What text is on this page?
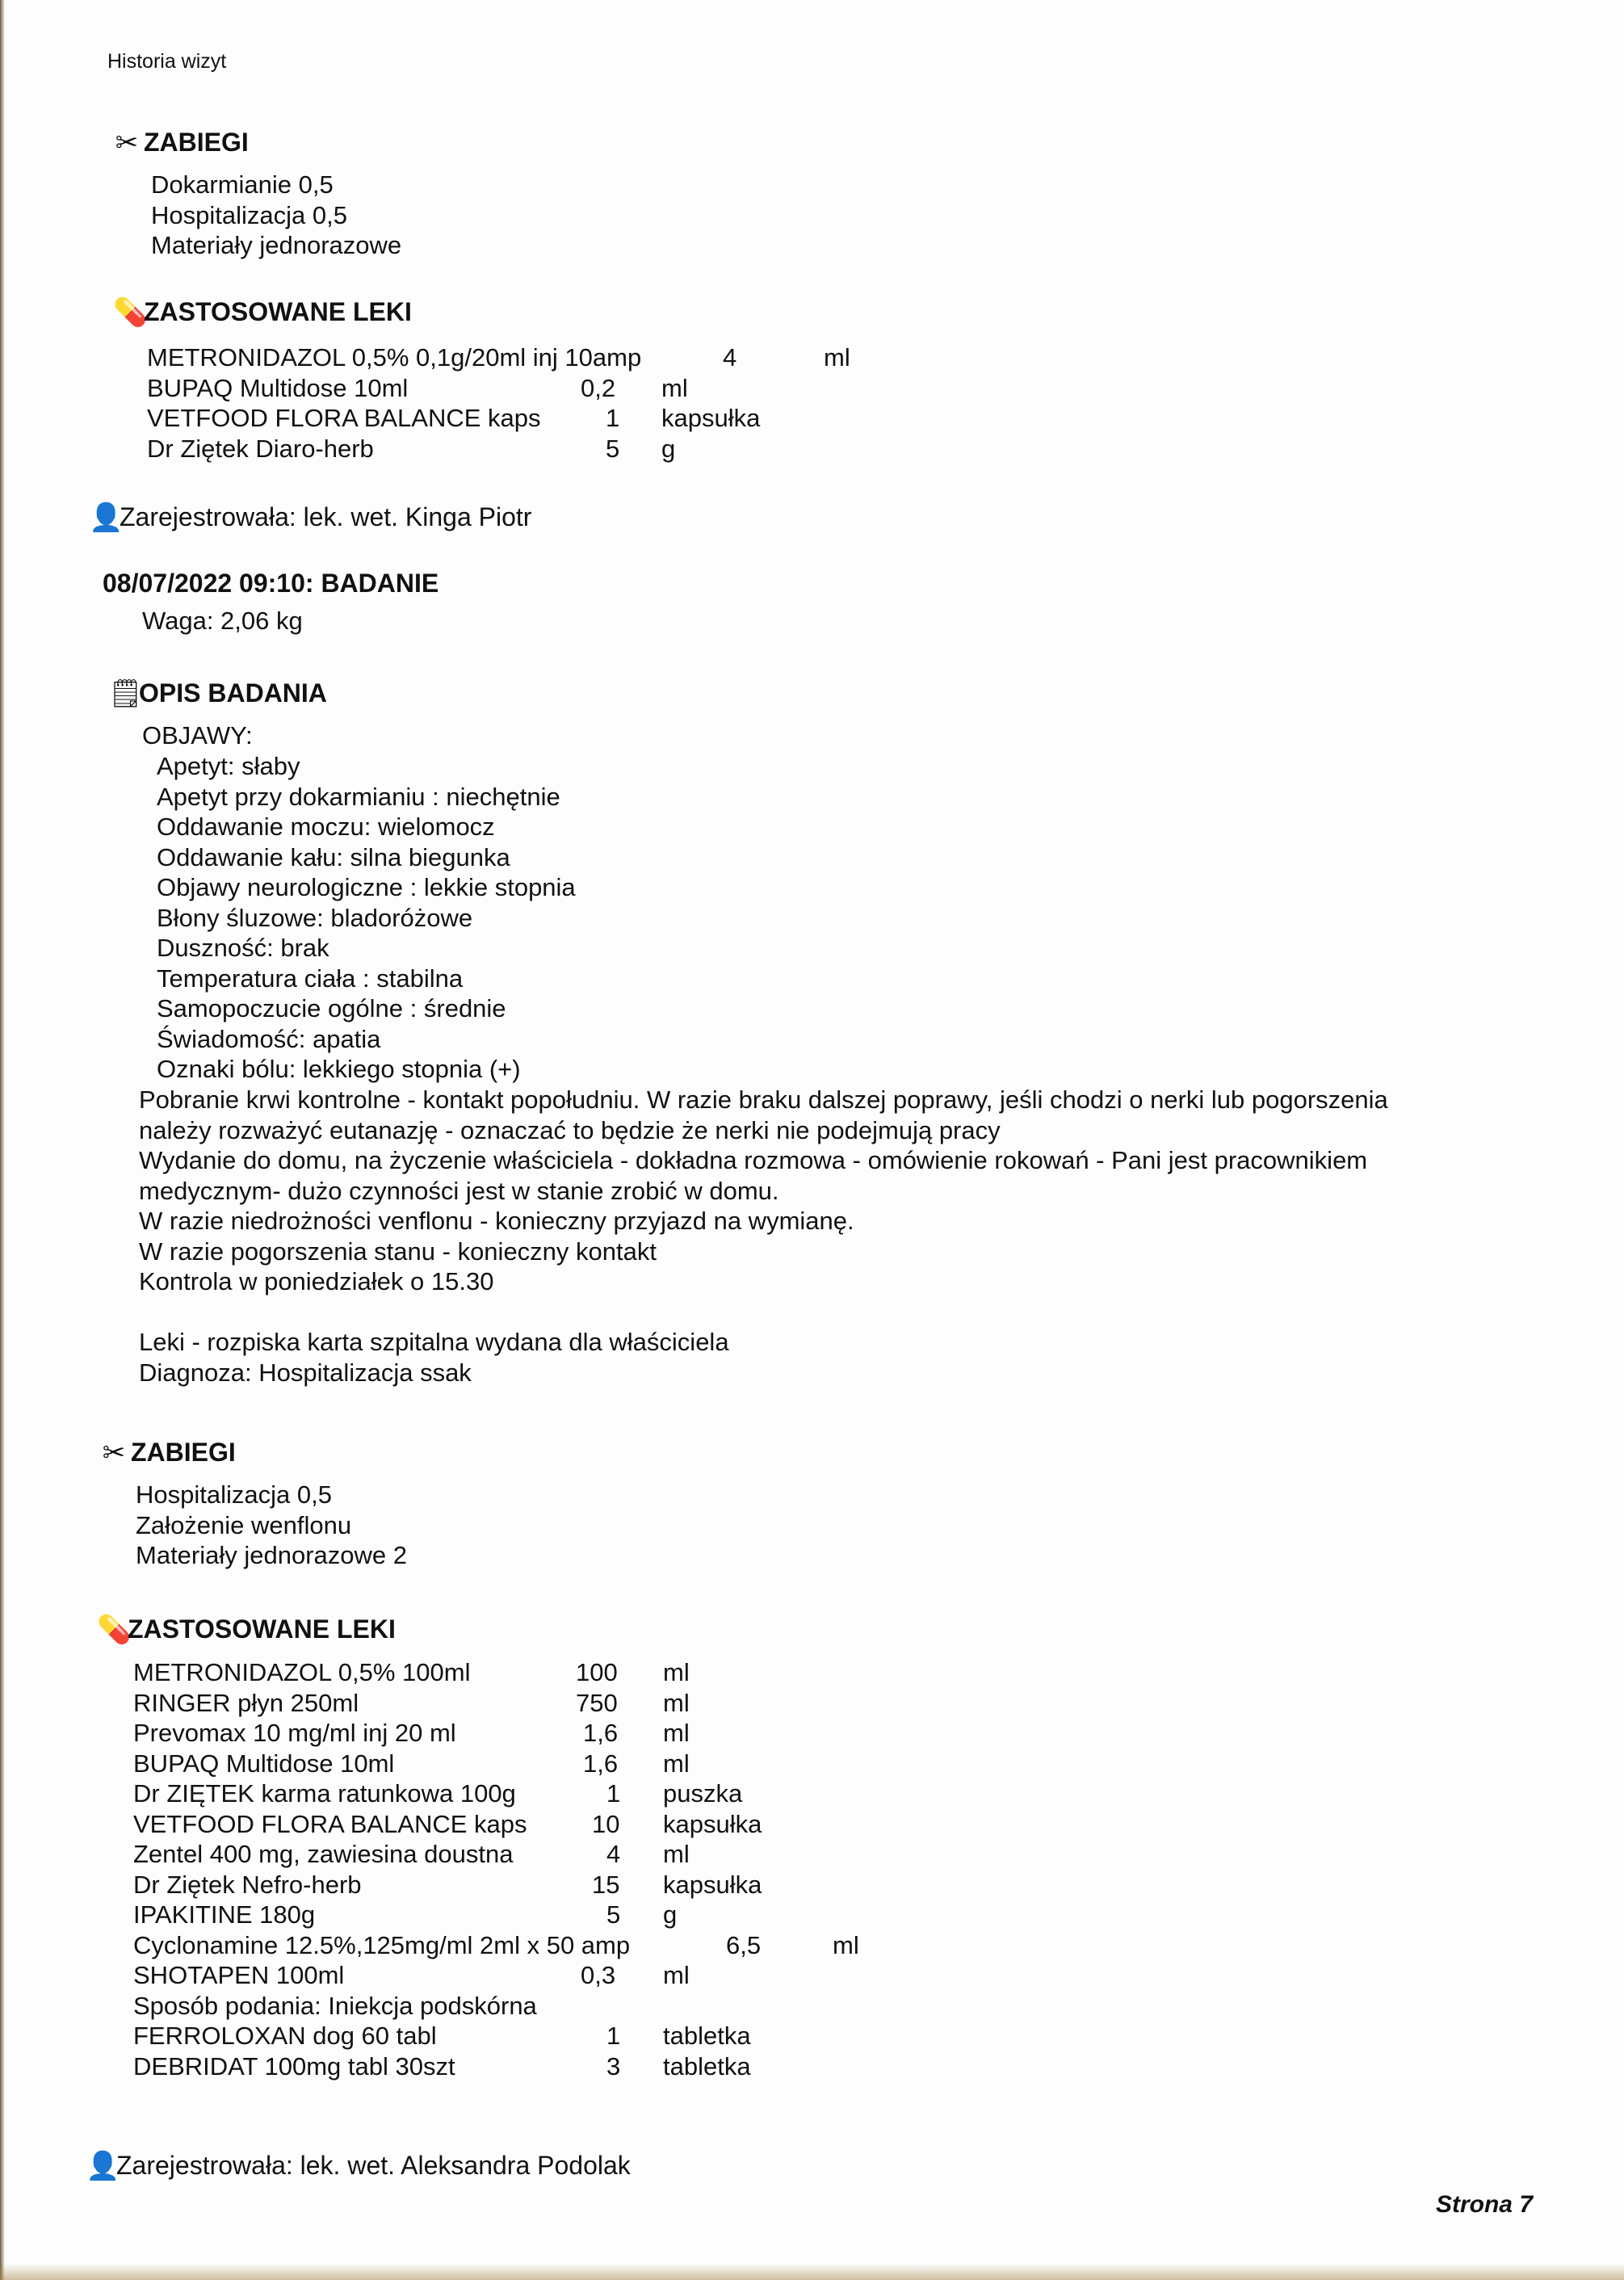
Historia wizyt
✂ ZABIEGI
Dokarmianie 0,5
Hospitalizacja 0,5
Materiały jednorazowe
💊
ZASTOSOWANE LEKI
METRONIDAZOL 0,5% 0,1g/20ml inj 10amp	4	ml
BUPAQ Multidose 10ml	0,2 ml
VETFOOD FLORA BALANCE kaps	1 kapsułka
Dr Ziętek Diaro-herb	5 g
👤
Zarejestrowała: lek. wet. Kinga Piotr
08/07/2022 09:10: BADANIE
Waga: 2,06 kg
🗒
OPIS BADANIA
OBJAWY:
Apetyt: słaby
Apetyt przy dokarmianiu : niechętnie
Oddawanie moczu: wielomocz
Oddawanie kału: silna biegunka
Objawy neurologiczne : lekkie stopnia
Błony śluzowe: bladoróżowe
Duszność: brak
Temperatura ciała : stabilna
Samopoczucie ogólne : średnie
Świadomość: apatia
Oznaki bólu: lekkiego stopnia (+)
Pobranie krwi kontrolne - kontakt popołudniu. W razie braku dalszej poprawy, jeśli chodzi o nerki lub pogorszenia
należy rozważyć eutanazję - oznaczać to będzie że nerki nie podejmują pracy
Wydanie do domu, na życzenie właściciela - dokładna rozmowa - omówienie rokowań - Pani jest pracownikiem
medycznym- dużo czynności jest w stanie zrobić w domu.
W razie niedrożności venflonu - konieczny przyjazd na wymianę.
W razie pogorszenia stanu - konieczny kontakt
Kontrola w poniedziałek o 15.30
Leki - rozpiska karta szpitalna wydana dla właściciela
Diagnoza: Hospitalizacja ssak
✂ ZABIEGI
Hospitalizacja 0,5
Założenie wenflonu
Materiały jednorazowe 2
💊
ZASTOSOWANE LEKI
METRONIDAZOL 0,5% 100ml	100 ml
RINGER płyn 250ml	750 ml
Prevomax 10 mg/ml inj 20 ml	1,6 ml
BUPAQ Multidose 10ml	1,6 ml
Dr ZIĘTEK karma ratunkowa 100g	1 puszka
VETFOOD FLORA BALANCE kaps	10 kapsułka
Zentel 400 mg, zawiesina doustna	4 ml
Dr Ziętek Nefro-herb	15 kapsułka
IPAKITINE 180g	5 g
Cyclonamine 12.5%,125mg/ml 2ml x 50 amp	6,5	ml
SHOTAPEN 100ml	0,3 ml
Sposób podania: Iniekcja podskórna
FERROLOXAN dog 60 tabl	1 tabletka
DEBRIDAT 100mg tabl 30szt	3 tabletka
👤
Zarejestrowała: lek. wet. Aleksandra Podolak
Strona 7
